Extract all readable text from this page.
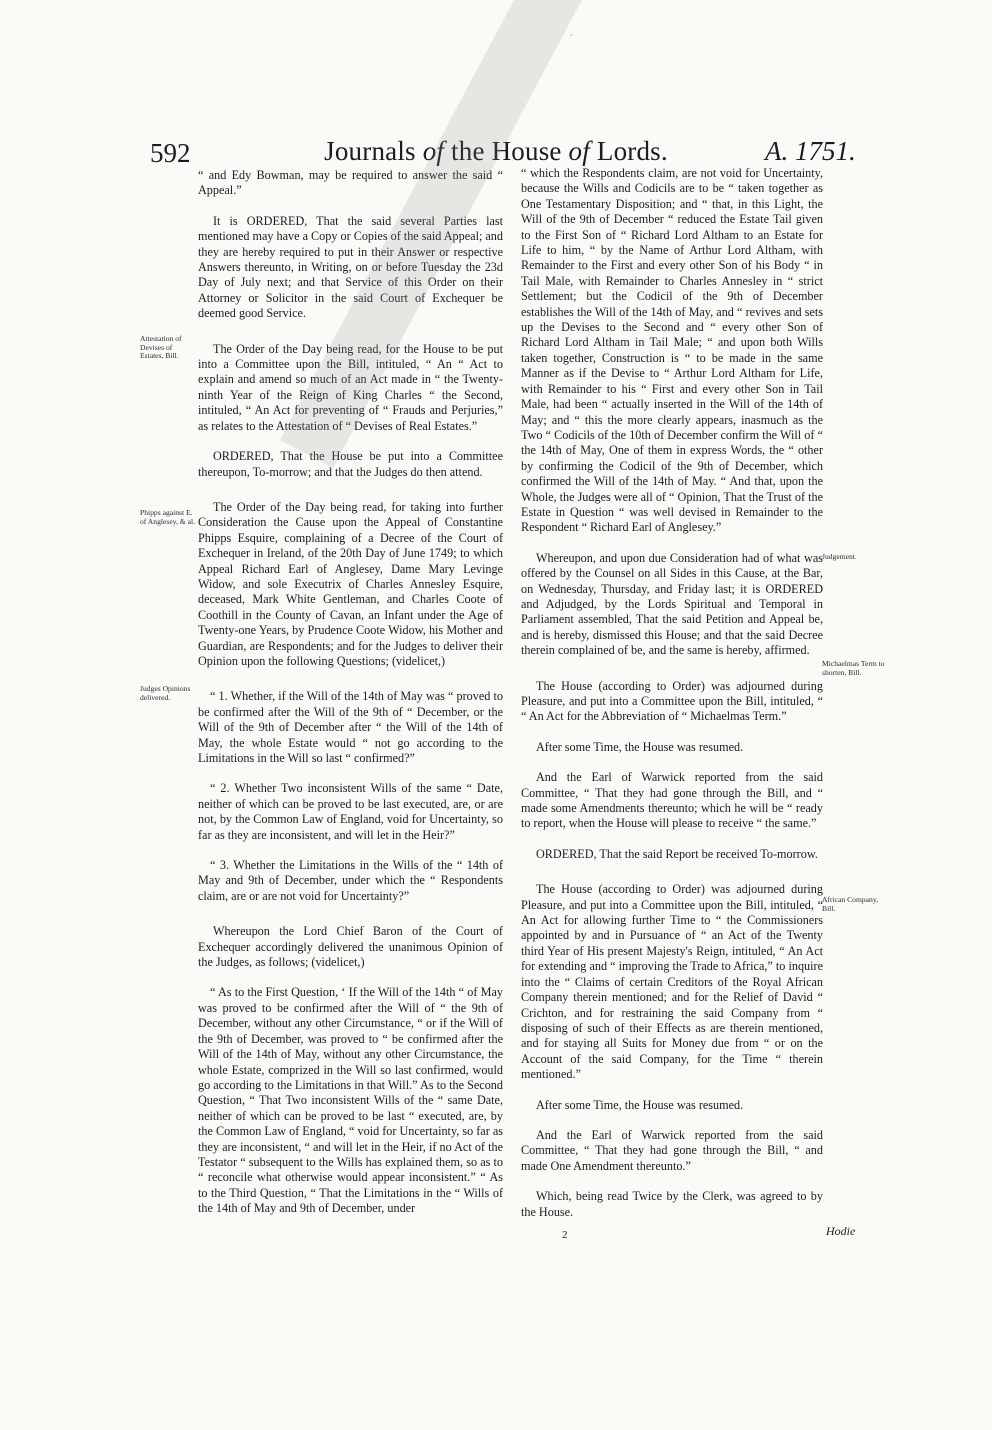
ˊ
592	Journals of the House of Lords.	A. 1751.
Attestation of Devises of Estates, Bill.
Phipps against E. of Anglesey, & al.
Judges Opinions delivered.
Judgement.
Michaelmas Term to shorten, Bill.
African Company, Bill.

“ and Edy Bowman, may be required to answer the said “ Appeal.”

It is ORDERED, That the said several Parties last mentioned may have a Copy or Copies of the said Appeal; and they are hereby required to put in their Answer or respective Answers thereunto, in Writing, on or before Tuesday the 23d Day of July next; and that Service of this Order on their Attorney or Solicitor in the said Court of Exchequer be deemed good Service.

The Order of the Day being read, for the House to be put into a Committee upon the Bill, intituled, “ An “ Act to explain and amend so much of an Act made in “ the Twenty-ninth Year of the Reign of King Charles “ the Second, intituled, “ An Act for preventing of “ Frauds and Perjuries,” as relates to the Attestation of “ Devises of Real Estates.”

ORDERED, That the House be put into a Committee thereupon, To-morrow; and that the Judges do then attend.

The Order of the Day being read, for taking into further Consideration the Cause upon the Appeal of Constantine Phipps Esquire, complaining of a Decree of the Court of Exchequer in Ireland, of the 20th Day of June 1749; to which Appeal Richard Earl of Anglesey, Dame Mary Levinge Widow, and sole Executrix of Charles Annesley Esquire, deceased, Mark White Gentleman, and Charles Coote of Coothill in the County of Cavan, an Infant under the Age of Twenty-one Years, by Prudence Coote Widow, his Mother and Guardian, are Respondents; and for the Judges to deliver their Opinion upon the following Questions; (videlicet,)

“ 1. Whether, if the Will of the 14th of May was “ proved to be confirmed after the Will of the 9th of “ December, or the Will of the 9th of December after “ the Will of the 14th of May, the whole Estate would “ not go according to the Limitations in the Will so last “ confirmed?”

“ 2. Whether Two inconsistent Wills of the same “ Date, neither of which can be proved to be last executed, are, or are not, by the Common Law of England, void for Uncertainty, so far as they are inconsistent, and will let in the Heir?”

“ 3. Whether the Limitations in the Wills of the “ 14th of May and 9th of December, under which the “ Respondents claim, are or are not void for Uncertainty?”

Whereupon the Lord Chief Baron of the Court of Exchequer accordingly delivered the unanimous Opinion of the Judges, as follows; (videlicet,)

“ As to the First Question, ‘ If the Will of the 14th “ of May was proved to be confirmed after the Will of “ the 9th of December, without any other Circumstance, “ or if the Will of the 9th of December, was proved to “ be confirmed after the Will of the 14th of May, without any other Circumstance, the whole Estate, comprized in the Will so last confirmed, would go according to the Limitations in that Will.” As to the Second Question, “ That Two inconsistent Wills of the “ same Date, neither of which can be proved to be last “ executed, are, by the Common Law of England, “ void for Uncertainty, so far as they are inconsistent, “ and will let in the Heir, if no Act of the Testator “ subsequent to the Wills has explained them, so as to “ reconcile what otherwise would appear inconsistent.” “ As to the Third Question, “ That the Limitations in the “ Wills of the 14th of May and 9th of December, under

“ which the Respondents claim, are not void for Uncertainty, because the Wills and Codicils are to be “ taken together as One Testamentary Disposition; and “ that, in this Light, the Will of the 9th of December “ reduced the Estate Tail given to the First Son of “ Richard Lord Altham to an Estate for Life to him, “ by the Name of Arthur Lord Altham, with Remainder to the First and every other Son of his Body “ in Tail Male, with Remainder to Charles Annesley in “ strict Settlement; but the Codicil of the 9th of December establishes the Will of the 14th of May, and “ revives and sets up the Devises to the Second and “ every other Son of Richard Lord Altham in Tail Male; “ and upon both Wills taken together, Construction is “ to be made in the same Manner as if the Devise to “ Arthur Lord Altham for Life, with Remainder to his “ First and every other Son in Tail Male, had been “ actually inserted in the Will of the 14th of May; and “ this the more clearly appears, inasmuch as the Two “ Codicils of the 10th of December confirm the Will of “ the 14th of May, One of them in express Words, the “ other by confirming the Codicil of the 9th of December, which confirmed the Will of the 14th of May. “ And that, upon the Whole, the Judges were all of “ Opinion, That the Trust of the Estate in Question “ was well devised in Remainder to the Respondent “ Richard Earl of Anglesey.”

Whereupon, and upon due Consideration had of what was offered by the Counsel on all Sides in this Cause, at the Bar, on Wednesday, Thursday, and Friday last; it is ORDERED and Adjudged, by the Lords Spiritual and Temporal in Parliament assembled, That the said Petition and Appeal be, and is hereby, dismissed this House; and that the said Decree therein complained of be, and the same is hereby, affirmed.

The House (according to Order) was adjourned during Pleasure, and put into a Committee upon the Bill, intituled, “ “ An Act for the Abbreviation of “ Michaelmas Term.”

After some Time, the House was resumed.

And the Earl of Warwick reported from the said Committee, “ That they had gone through the Bill, and “ made some Amendments thereunto; which he will be “ ready to report, when the House will please to receive “ the same.”

ORDERED, That the said Report be received To-morrow.

The House (according to Order) was adjourned during Pleasure, and put into a Committee upon the Bill, intituled, “ An Act for allowing further Time to “ the Commissioners appointed by and in Pursuance of “ an Act of the Twenty third Year of His present Majesty's Reign, intituled, “ An Act for extending and “ improving the Trade to Africa,” to inquire into the “ Claims of certain Creditors of the Royal African Company therein mentioned; and for the Relief of David “ Crichton, and for restraining the said Company from “ disposing of such of their Effects as are therein mentioned, and for staying all Suits for Money due from “ or on the Account of the said Company, for the Time “ therein mentioned.”

After some Time, the House was resumed.

And the Earl of Warwick reported from the said Committee, “ That they had gone through the Bill, “ and made One Amendment thereunto.”

Which, being read Twice by the Clerk, was agreed to by the House.

2	Hodie
